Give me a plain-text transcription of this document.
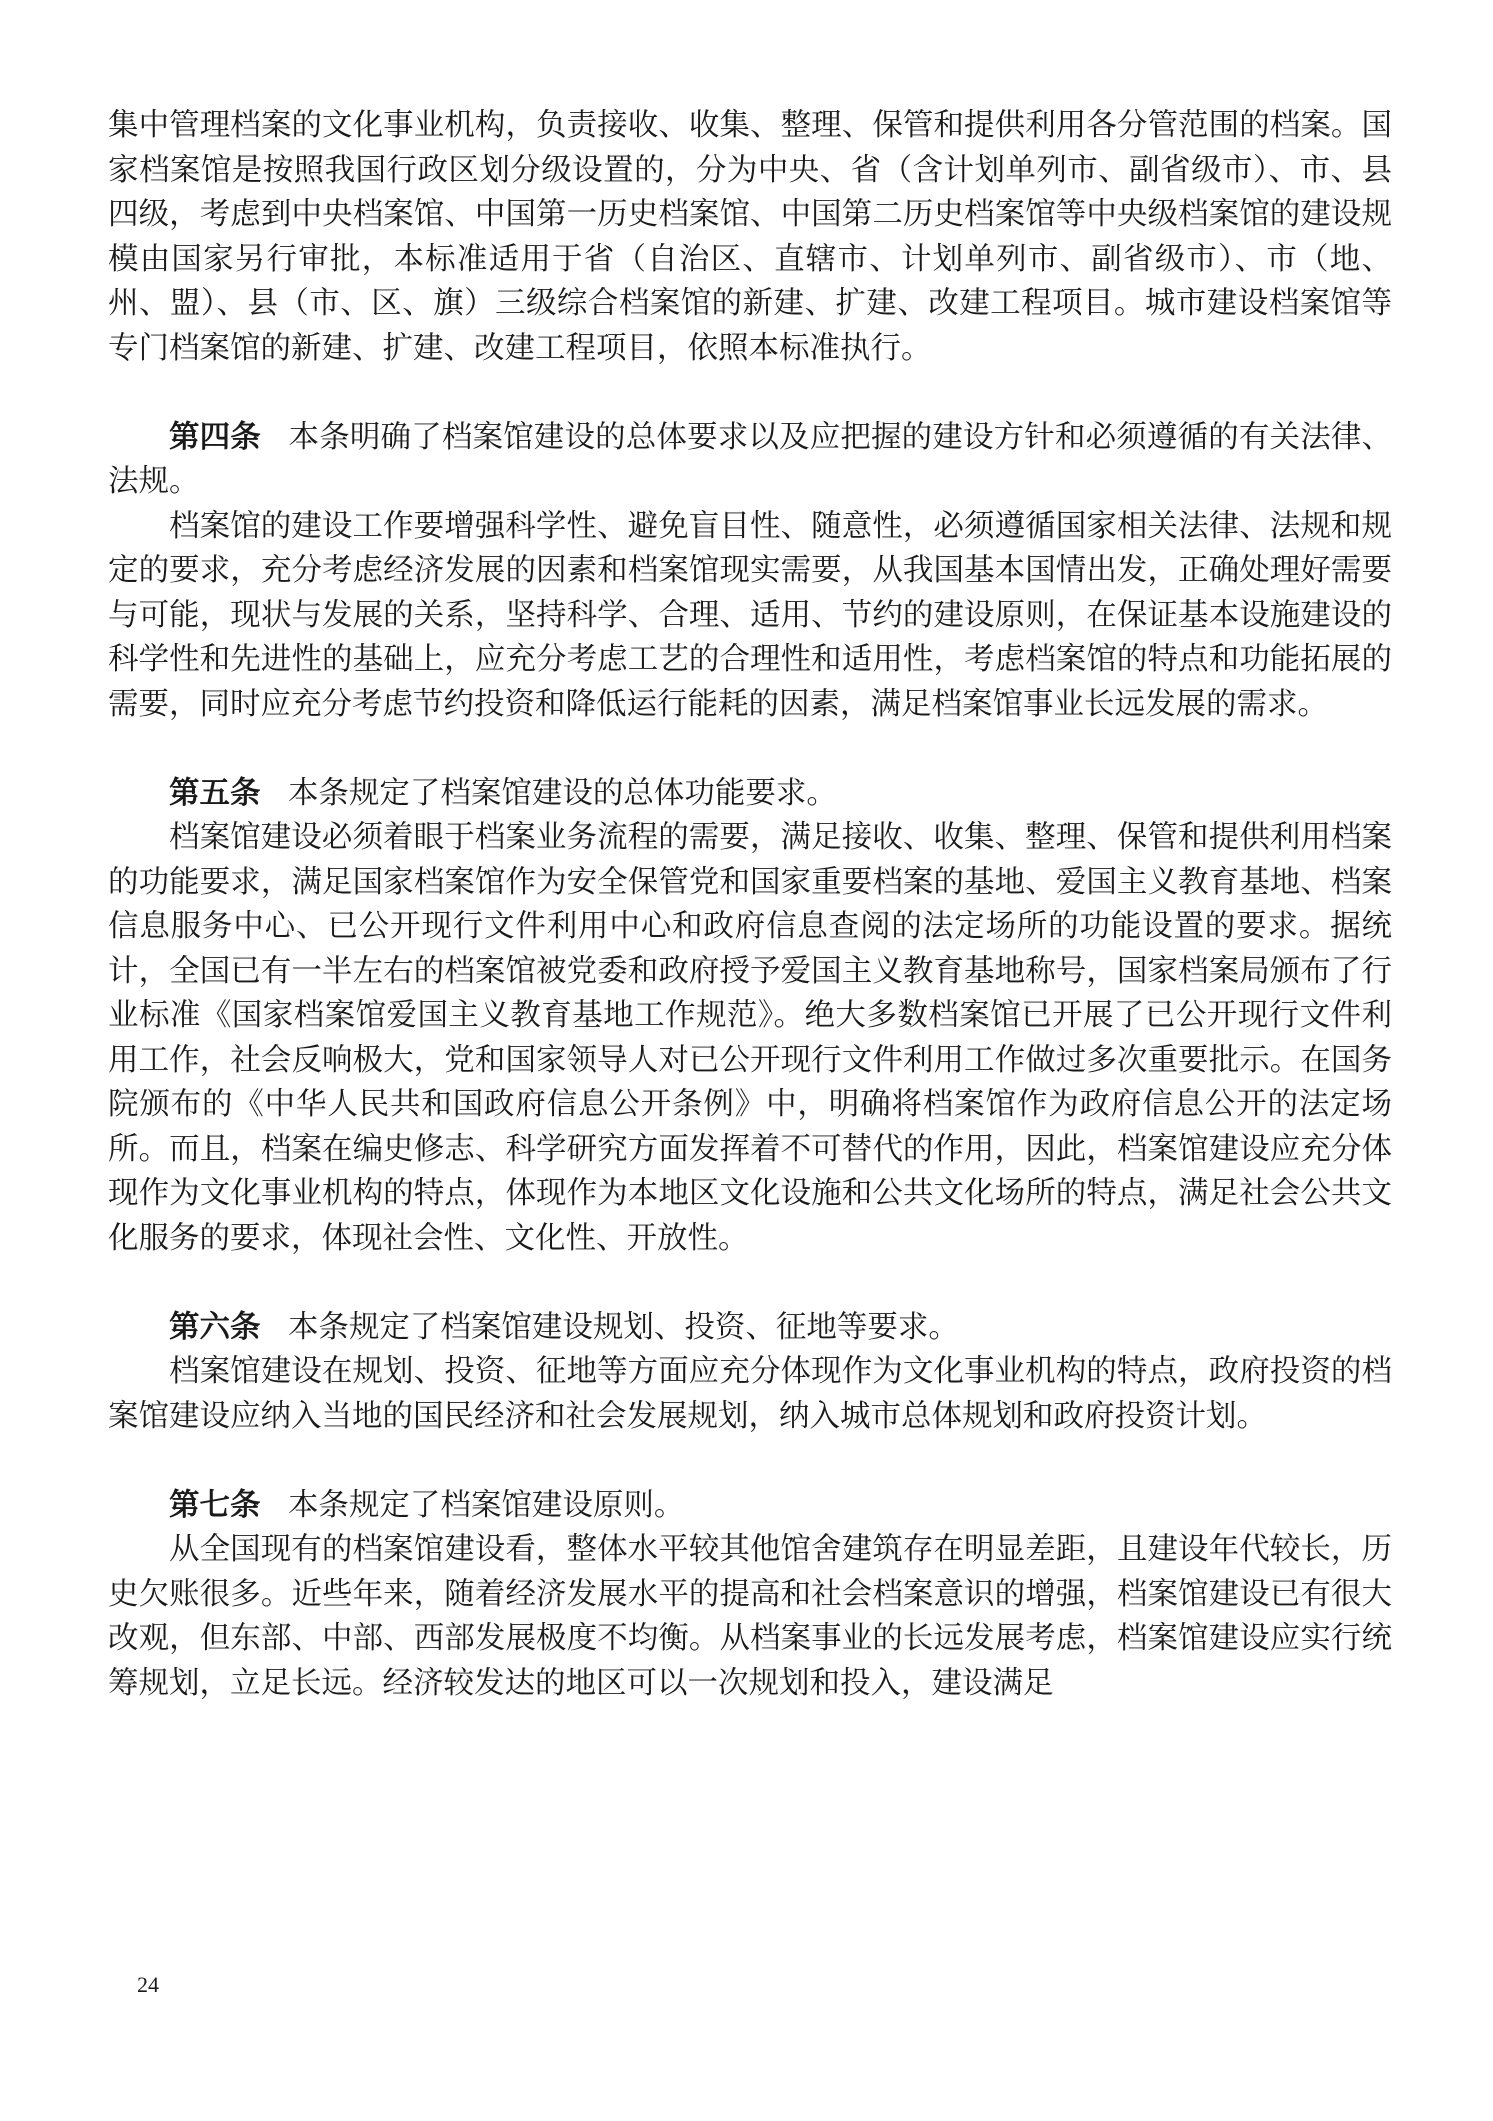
集中管理档案的文化事业机构，负责接收、收集、整理、保管和提供利用各分管范围的档案。国家档案馆是按照我国行政区划分级设置的，分为中央、省（含计划单列市、副省级市）、市、县四级，考虑到中央档案馆、中国第一历史档案馆、中国第二历史档案馆等中央级档案馆的建设规模由国家另行审批，本标准适用于省（自治区、直辖市、计划单列市、副省级市）、市（地、州、盟）、县（市、区、旗）三级综合档案馆的新建、扩建、改建工程项目。城市建设档案馆等专门档案馆的新建、扩建、改建工程项目，依照本标准执行。

第四条 本条明确了档案馆建设的总体要求以及应把握的建设方针和必须遵循的有关法律、法规。

档案馆的建设工作要增强科学性、避免盲目性、随意性，必须遵循国家相关法律、法规和规定的要求，充分考虑经济发展的因素和档案馆现实需要，从我国基本国情出发，正确处理好需要与可能，现状与发展的关系，坚持科学、合理、适用、节约的建设原则，在保证基本设施建设的科学性和先进性的基础上，应充分考虑工艺的合理性和适用性，考虑档案馆的特点和功能拓展的需要，同时应充分考虑节约投资和降低运行能耗的因素，满足档案馆事业长远发展的需求。

第五条 本条规定了档案馆建设的总体功能要求。

档案馆建设必须着眼于档案业务流程的需要，满足接收、收集、整理、保管和提供利用档案的功能要求，满足国家档案馆作为安全保管党和国家重要档案的基地、爱国主义教育基地、档案信息服务中心、已公开现行文件利用中心和政府信息查阅的法定场所的功能设置的要求。据统计，全国已有一半左右的档案馆被党委和政府授予爱国主义教育基地称号，国家档案局颁布了行业标准《国家档案馆爱国主义教育基地工作规范》。绝大多数档案馆已开展了已公开现行文件利用工作，社会反响极大，党和国家领导人对已公开现行文件利用工作做过多次重要批示。在国务院颁布的《中华人民共和国政府信息公开条例》中，明确将档案馆作为政府信息公开的法定场所。而且，档案在编史修志、科学研究方面发挥着不可替代的作用，因此，档案馆建设应充分体现作为文化事业机构的特点，体现作为本地区文化设施和公共文化场所的特点，满足社会公共文化服务的要求，体现社会性、文化性、开放性。

第六条 本条规定了档案馆建设规划、投资、征地等要求。

档案馆建设在规划、投资、征地等方面应充分体现作为文化事业机构的特点，政府投资的档案馆建设应纳入当地的国民经济和社会发展规划，纳入城市总体规划和政府投资计划。

第七条 本条规定了档案馆建设原则。

从全国现有的档案馆建设看，整体水平较其他馆舍建筑存在明显差距，且建设年代较长，历史欠账很多。近些年来，随着经济发展水平的提高和社会档案意识的增强，档案馆建设已有很大改观，但东部、中部、西部发展极度不均衡。从档案事业的长远发展考虑，档案馆建设应实行统筹规划，立足长远。经济较发达的地区可以一次规划和投入，建设满足

24
